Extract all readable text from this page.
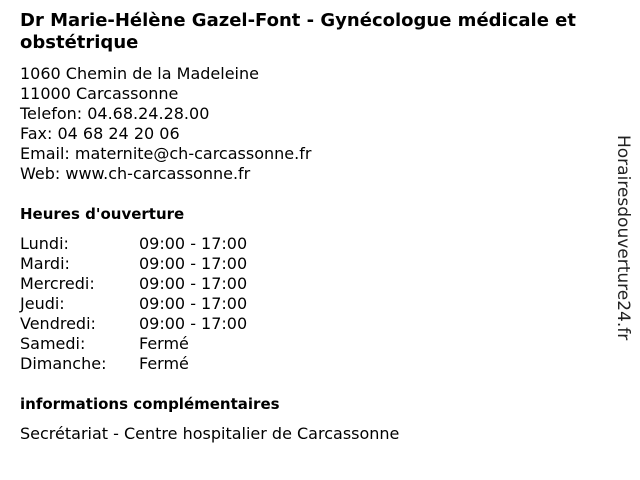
Dr Marie-Hélène Gazel-Font - Gynécologue médicale et obstétrique
1060 Chemin de la Madeleine
11000 Carcassonne
Telefon: 04.68.24.28.00
Fax: 04 68 24 20 06
Email: maternite@ch-carcassonne.fr
Web: www.ch-carcassonne.fr
Heures d'ouverture
Lundi:	09:00 - 17:00
Mardi:	09:00 - 17:00
Mercredi:	09:00 - 17:00
Jeudi:	09:00 - 17:00
Vendredi:	09:00 - 17:00
Samedi:	Fermé
Dimanche:	Fermé
informations complémentaires
Secrétariat - Centre hospitalier de Carcassonne
Horairesdouverture24.fr
